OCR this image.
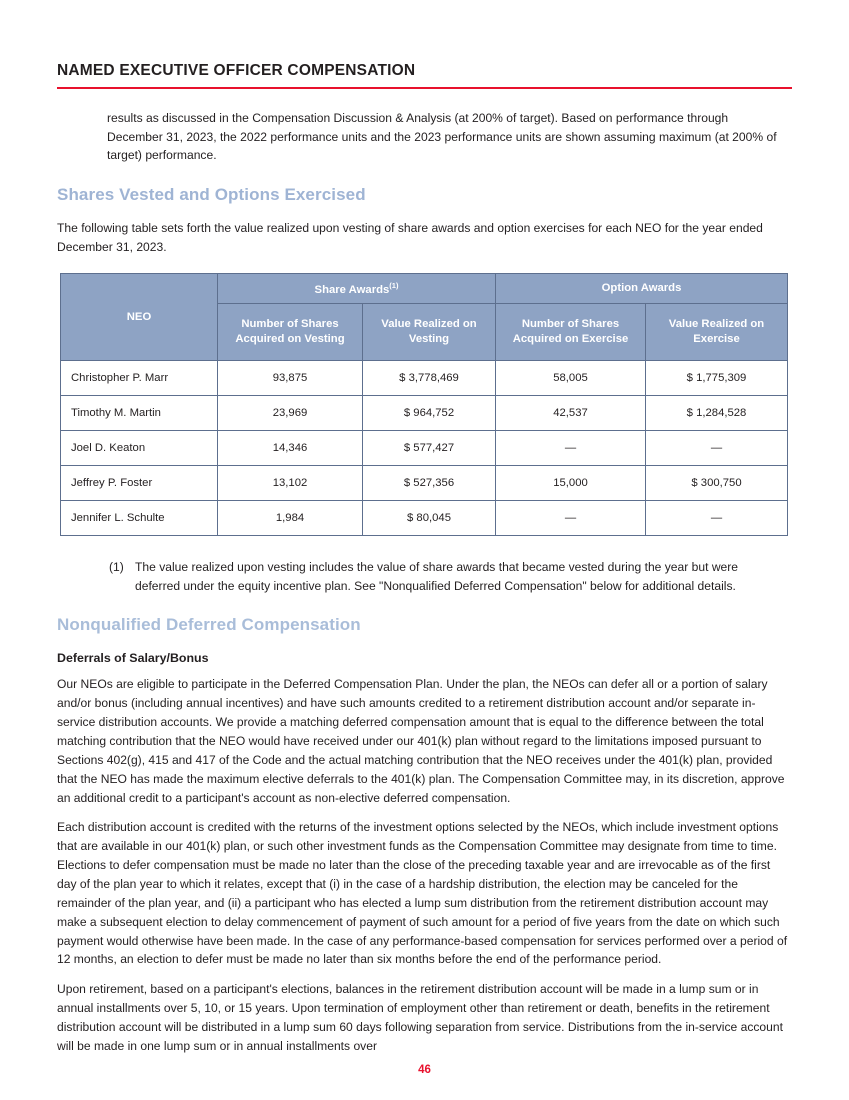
NAMED EXECUTIVE OFFICER COMPENSATION

results as discussed in the Compensation Discussion & Analysis (at 200% of target). Based on performance through December 31, 2023, the 2022 performance units and the 2023 performance units are shown assuming maximum (at 200% of target) performance.

Shares Vested and Options Exercised

The following table sets forth the value realized upon vesting of share awards and option exercises for each NEO for the year ended December 31, 2023.

NEO	Share Awards$^{(1)}$		Option Awards	
	Number of Shares Acquired on Vesting	Value Realized on Vesting	Number of Shares Acquired on Exercise	Value Realized on Exercise
Christopher P. Marr	93,875	$ 3,778,469	58,005	$ 1,775,309
Timothy M. Martin	23,969	$ 964,752	42,537	$ 1,284,528
Joel D. Keaton	14,346	$ 577,427	—	—
Jeffrey P. Foster	13,102	$ 527,356	15,000	$ 300,750
Jennifer L. Schulte	1,984	$ 80,045	—	—
(1) The value realized upon vesting includes the value of share awards that became vested during the year but were deferred under the equity incentive plan. See "Nonqualified Deferred Compensation" below for additional details.
Nonqualified Deferred Compensation
Deferrals of Salary/Bonus

Our NEOs are eligible to participate in the Deferred Compensation Plan. Under the plan, the NEOs can defer all or a portion of salary and/or bonus (including annual incentives) and have such amounts credited to a retirement distribution account and/or separate in-service distribution accounts. We provide a matching deferred compensation amount that is equal to the difference between the total matching contribution that the NEO would have received under our 401(k) plan without regard to the limitations imposed pursuant to Sections 402(g), 415 and 417 of the Code and the actual matching contribution that the NEO receives under the 401(k) plan, provided that the NEO has made the maximum elective deferrals to the 401(k) plan. The Compensation Committee may, in its discretion, approve an additional credit to a participant's account as non-elective deferred compensation.

Each distribution account is credited with the returns of the investment options selected by the NEOs, which include investment options that are available in our 401(k) plan, or such other investment funds as the Compensation Committee may designate from time to time. Elections to defer compensation must be made no later than the close of the preceding taxable year and are irrevocable as of the first day of the plan year to which it relates, except that (i) in the case of a hardship distribution, the election may be canceled for the remainder of the plan year, and (ii) a participant who has elected a lump sum distribution from the retirement distribution account may make a subsequent election to delay commencement of payment of such amount for a period of five years from the date on which such payment would otherwise have been made. In the case of any performance-based compensation for services performed over a period of 12 months, an election to defer must be made no later than six months before the end of the performance period.

Upon retirement, based on a participant's elections, balances in the retirement distribution account will be made in a lump sum or in annual installments over 5, 10, or 15 years. Upon termination of employment other than retirement or death, benefits in the retirement distribution account will be distributed in a lump sum 60 days following separation from service. Distributions from the in-service account will be made in one lump sum or in annual installments over

46
